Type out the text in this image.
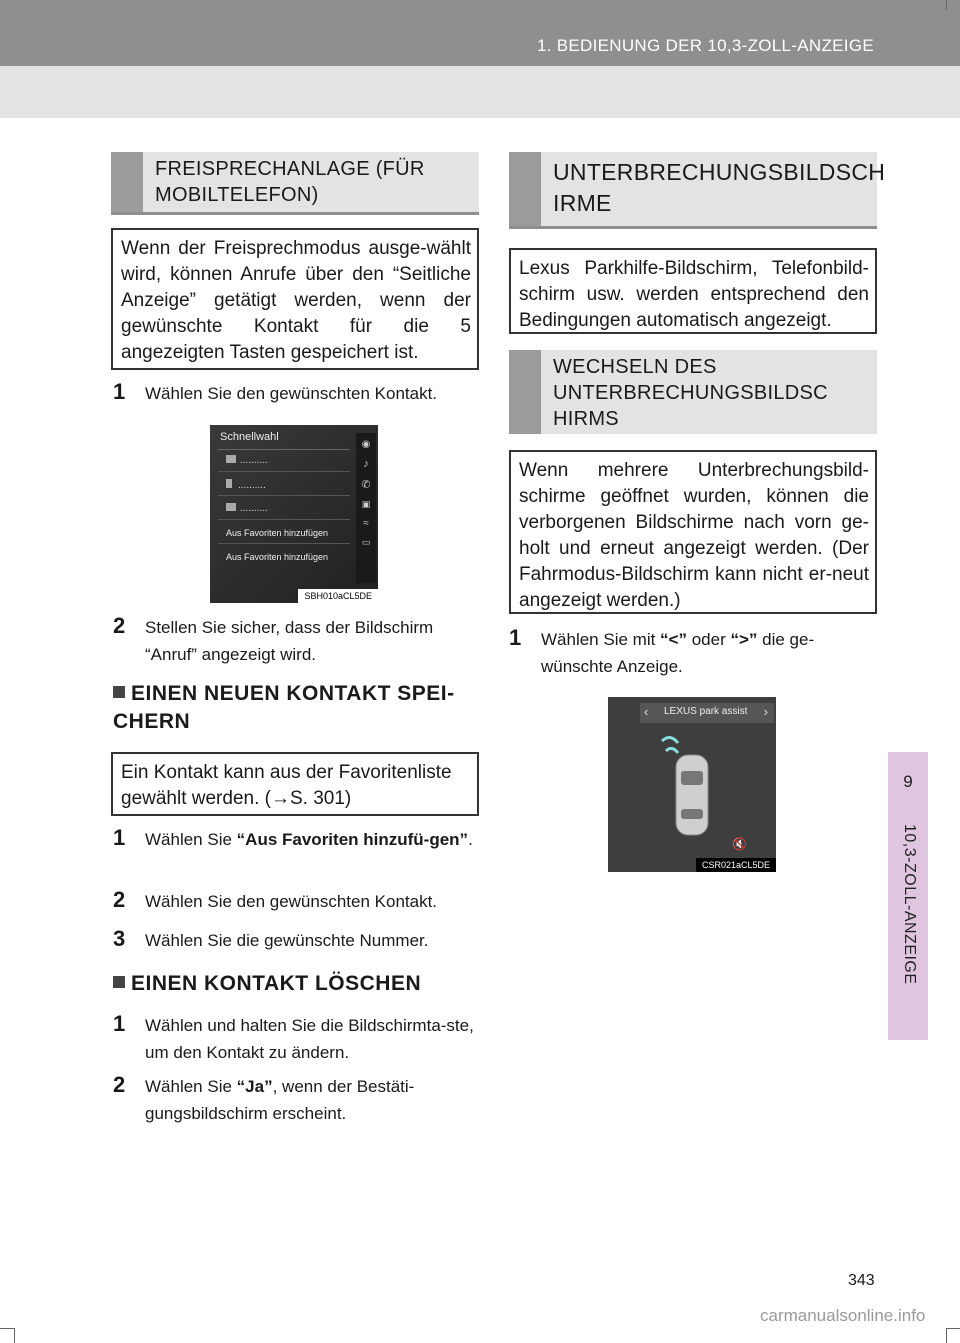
1. BEDIENUNG DER 10,3-ZOLL-ANZEIGE
9
10,3-ZOLL-ANZEIGE
FREISPRECHANLAGE (FÜR MOBILTELEFON)
Wenn der Freisprechmodus ausge-wählt wird, können Anrufe über den “Seitliche Anzeige” getätigt werden, wenn der gewünschte Kontakt für die 5 angezeigten Tasten gespeichert ist.
1	Wählen Sie den gewünschten Kontakt.
Schnellwahl
..........
..........
..........
Aus Favoriten hinzufügen
Aus Favoriten hinzufügen
◉
♪
✆
▣
≈
▭
SBH010aCL5DE
2	Stellen Sie sicher, dass der Bildschirm “Anruf” angezeigt wird.
EINEN NEUEN KONTAKT SPEI-CHERN
Ein Kontakt kann aus der Favoritenliste gewählt werden. (→S. 301)
1	Wählen Sie “Aus Favoriten hinzufü-gen”.
2	Wählen Sie den gewünschten Kontakt.
3	Wählen Sie die gewünschte Nummer.
EINEN KONTAKT LÖSCHEN
1	Wählen und halten Sie die Bildschirmta-ste, um den Kontakt zu ändern.
2	Wählen Sie “Ja”, wenn der Bestäti-gungsbildschirm erscheint.
UNTERBRECHUNGSBILDSCH IRME
Lexus Parkhilfe-Bildschirm, Telefonbild-schirm usw. werden entsprechend den Bedingungen automatisch angezeigt.
WECHSELN DES UNTERBRECHUNGSBILDSC HIRMS
Wenn mehrere Unterbrechungsbild-schirme geöffnet wurden, können die verborgenen Bildschirme nach vorn ge-holt und erneut angezeigt werden. (Der Fahrmodus-Bildschirm kann nicht er-neut angezeigt werden.)
1	Wählen Sie mit “<” oder “>” die ge-wünschte Anzeige.
‹ LEXUS park assist ›
🔇
CSR021aCL5DE
343
carmanualsonline.info
